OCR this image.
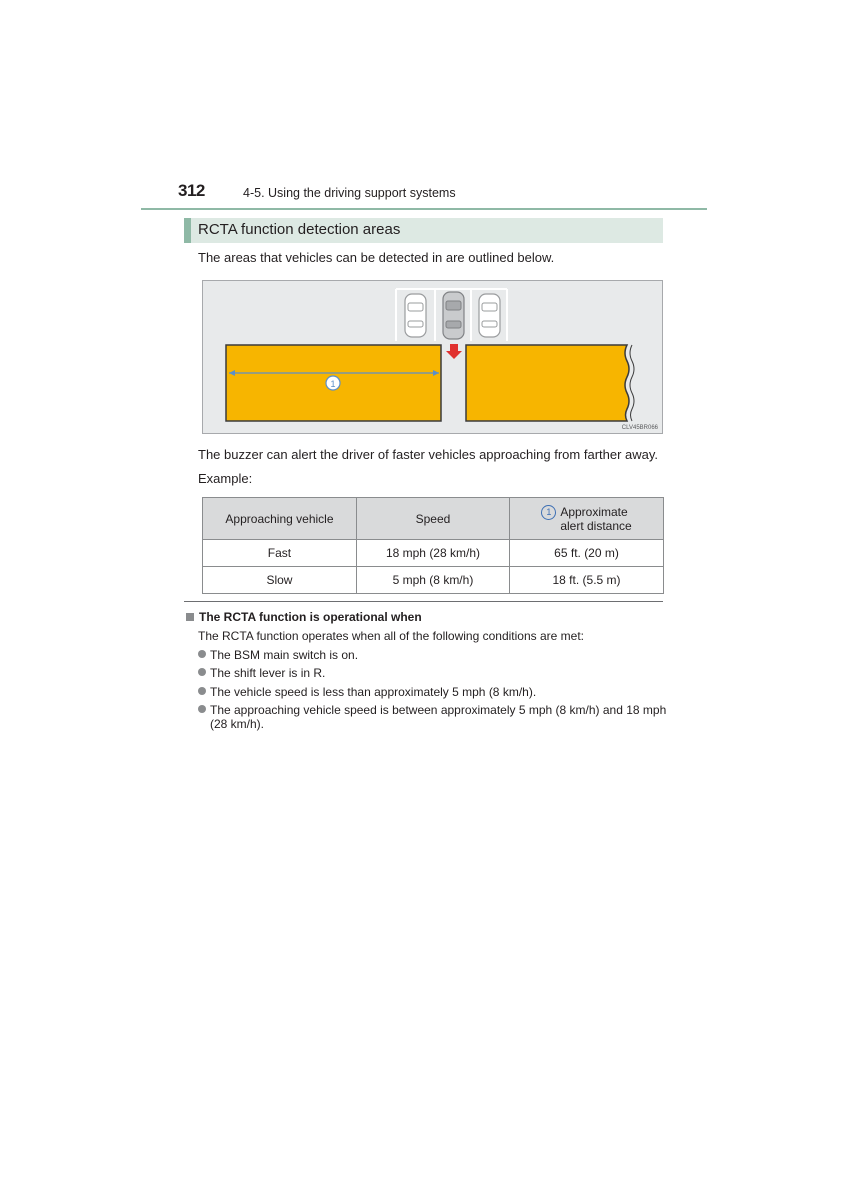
312	4-5. Using the driving support systems
RCTA function detection areas
The areas that vehicles can be detected in are outlined below.
1
CLV45BR066
The buzzer can alert the driver of faster vehicles approaching from farther away.
Example:
Approaching vehicle	Speed	1 Approximate
alert distance
Fast	18 mph (28 km/h)	65 ft. (20 m)
Slow	5 mph (8 km/h)	18 ft. (5.5 m)
The RCTA function is operational when
The RCTA function operates when all of the following conditions are met:
The BSM main switch is on.
The shift lever is in R.
The vehicle speed is less than approximately 5 mph (8 km/h).
The approaching vehicle speed is between approximately 5 mph (8 km/h) and 18 mph
(28 km/h).
